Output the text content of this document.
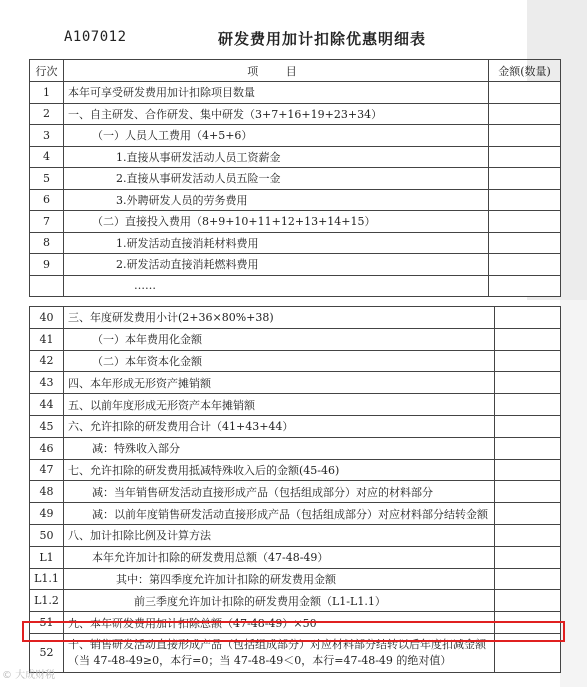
A107012	研发费用加计扣除优惠明细表
行次	项 目	金额(数量)
1	本年可享受研发费用加计扣除项目数量	
2	一、自主研发、合作研发、集中研发（3+7+16+19+23+34）	
3	（一）人员人工费用（4+5+6）	
4	1.直接从事研发活动人员工资薪金	
5	2.直接从事研发活动人员五险一金	
6	3.外聘研发人员的劳务费用	
7	（二）直接投入费用（8+9+10+11+12+13+14+15）	
8	1.研发活动直接消耗材料费用	
9	2.研发活动直接消耗燃料费用	
	……	
40	三、年度研发费用小计(2+36×80%+38)	
41	（一）本年费用化金额	
42	（二）本年资本化金额	
43	四、本年形成无形资产摊销额	
44	五、以前年度形成无形资产本年摊销额	
45	六、允许扣除的研发费用合计（41+43+44）	
46	减：特殊收入部分	
47	七、允许扣除的研发费用抵减特殊收入后的金额(45-46)	
48	减：当年销售研发活动直接形成产品（包括组成部分）对应的材料部分	
49	减：以前年度销售研发活动直接形成产品（包括组成部分）对应材料部分结转金额	
50	八、加计扣除比例及计算方法	
L1	本年允许加计扣除的研发费用总额（47-48-49）	
L1.1	其中：第四季度允许加计扣除的研发费用金额	
L1.2	前三季度允许加计扣除的研发费用金额（L1-L1.1）	
51	九、本年研发费用加计扣除总额（47-48-49）×50	
52	十、销售研发活动直接形成产品（包括组成部分）对应材料部分结转以后年度扣减金额（当 47-48-49≥0，本行=0；当 47-48-49＜0，本行=47-48-49 的绝对值）	
© 大成财税
